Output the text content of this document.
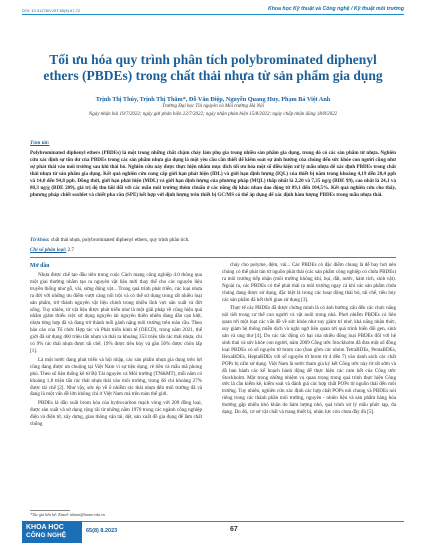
DOI: 10.31276/VJST.65(8).67-72	Khoa học Kỹ thuật và Công nghệ / Kỹ thuật môi trường
Tối ưu hóa quy trình phân tích polybrominated diphenyl ethers (PBDEs) trong chất thải nhựa từ sản phẩm gia dụng
Trịnh Thị Thúy, Trịnh Thị Thắm*, Đỗ Văn Điệp, Nguyễn Quang Huy, Phạm Bá Việt Anh
Trường Đại học Tài nguyên và Môi trường Hà Nội
Ngày nhận bài 19/7/2022; ngày gửi phản biện 22/7/2022; ngày nhận phản biện 15/8/2022; ngày chấp nhận đăng 18/8/2022
Tóm tắt:
Polybrominated diphenyl ethers (PBDEs) là một trong những chất chậm cháy làm phụ gia trong nhiều sản phẩm gia dụng, trong đó có các sản phẩm từ nhựa. Nghiên cứu xác định sự tồn dư của PBDEs trong các sản phẩm nhựa gia dụng là một yêu cầu cần thiết để kiểm soát sự ảnh hưởng của chúng đến sức khỏe con người cũng như sự phát thải vào môi trường sau khi thải bỏ. Nghiên cứu này được thực hiện nhằm mục đích tối ưu hóa một số điều kiện xử lý mẫu nhựa để xác định PBDEs trong chất thải nhựa từ sản phẩm gia dụng. Kết quả nghiên cứu cung cấp giới hạn phát hiện (IDL) và giới hạn định lượng (IQL) của thiết bị nằm trong khoảng 4,19 đến 28,4 ppb và 14,0 đến 94,8 ppb. Đồng thời, giới hạn phát hiện (MDL) và giới hạn định lượng của phương pháp (MQL) thấp nhất là 2,20 và 7,35 ng/g (BDE 99), cao nhất là 24,1 và 80,3 ng/g (BDE 209), giá trị độ thu hồi đối với các mẫu môi trường thêm chuẩn ở các nồng độ khác nhau dao động từ 89,1 đến 104,5%. Kết quả nghiên cứu cho thấy, phương pháp chiết soxhlet và chiết pha rắn (SPE) kết hợp với định lượng trên thiết bị GC/MS có thể áp dụng để xác định hàm lượng PBDEs trong mẫu nhựa thải.
Từ khóa: chất thải nhựa, polybrominated diphenyl ethers, quy trình phân tích.
Chỉ số phân loại: 2.7
Mở đầu

Nhựa được chế tạo đầu tiên trong cuộc Cách mạng công nghiệp 4.0 thông qua một giai thường nhằm tạo ra nguyên vật liệu mới thay thế cho các nguyên liệu truyền thống như gỗ, vải, sừng động vật... Trong quá trình phát triển, các loại nhựa ra đời với những ưu điểm vượt càng nổi trội và có thể sử dụng trong rất nhiều loại sản phẩm, trở thành nguyên vật liệu chính trong nhiều lĩnh vực sản xuất và đời sống. Tuy nhiên, từ vật liệu được phát triển như là một giải pháp về cũng hiệu quả nhằm giảm thiểu việc sử dụng nguyên tài nguyên thiên nhiên đang dần cạn kiệt, nhựa từng hợp đã và đang trở thành mối gánh nặng môi trường trên toàn cầu. Theo báo cáo của Tổ chức Hợp tác và Phát triển kinh tế (OECD), trong năm 2021, thế giới đã sử dụng 460 triệu tấn nhựa và thải ra khoảng 353 triệu tấn rác thải nhựa, chỉ có 9% rác thải nhựa được tái chế, 19% được tiêu hủy và gần 50% được chôn lấp [1].

Là một nước đang phát triển và hội nhập, các sản phẩm nhựa gia dụng trên lợi cũng đang được ưa chuộng tại Việt Nam vì sự tiện dụng, rẻ tiền và mẫu mã phong phú. Theo số liệu thống kê từ Bộ Tài nguyên và Môi trường (TN&MT), mỗi năm có khoảng 1,8 triệu tấn rác thải nhựa thải vào môi trường, trong đó chỉ khoảng 27% được tái chế [2]. Như vậy, sức ép về ô nhiễm rác thải nhựa đến môi trường đã và đang là một vấn đề lớn không chỉ ở Việt Nam mà trên toàn thế giới.

PBDEs là dẫn xuất brom hóa của hydrocarbon mạch vòng với 209 đồng loại, được sản xuất và sử dụng rộng rãi từ những năm 1970 trong các ngành công nghiệp điện và điện tử, xây dựng, giao thông vận tải, dệt, sản xuất đồ gia dụng để làm chất chống

cháy cho polyme, đệm, vải... Các PBDEs có đặc điểm chung là dễ bay hơi nên chúng có thể phát tán từ nguồn phát thải (các sản phẩm công nghiệp có chứa PBDEs) ra môi trường tiếp nhận (môi trường không khí, bụi, đất, nước, hàm tích, sinh vật). Ngoài ra, các PBDEs có thể phát thải ra môi trường ngay cả khi các sản phẩm chứa chúng đang được sử dụng, đặc biệt là trong các hoạt động thải bỏ, tái chế, tiêu hủy các sản phẩm đã hết thời gian sử dụng [3].

Thực tế các PBDEs đã được chứng minh là có ảnh hưởng xấu đến các chức năng nội tiết trong cơ thể con người và vật nuôi trong nhà. Phơi nhiễm PBDEs có liên quan tới một loạt các vấn đề về sức khỏe như suy giảm trí nhớ, khả năng nhận thức, suy giảm hệ thống miễn dịch và nghi ngờ liên quan tới quá trình biến đổi gen, sinh sản và ung thư [4]. Do các tác động có hại của nhiều đồng loại PBDEs đối với hệ sinh thái và sức khỏe con người, năm 2009 Công ước Stockholm đã đưa một số đồng loại PBDEs có số nguyên tử brom cao (bao gồm các nhóm TetraBDEs, PentaBDEs, HexaBDEs, HeptaBDEs với số nguyên tử brom từ 4 đến 7) vào danh sách các chất POPs bị cấm sử dụng. Việt Nam là nước tham gia ký kết Công ước này từ rất sớm và đã ban hành các kế hoạch hành động để thực hiện các cam kết của Công ước Stockholm. Một trong những nhiệm vụ quan trọng trong quá trình thực hiện Công ước là cần kiểm kê, kiểm soát và đánh giá các hợp chất POPs từ nguồn thải đến môi trường. Tuy nhiên, nghiên cứu xác định các hợp chất POPs nói chung và PBDEs nói riêng trong các thành phần môi trường, nguyên - nhiên liệu và sản phẩm hàng hóa thường gặp nhiều khó khăn do hàm lượng nhỏ, quá trình xử lý mẫu phức tạp, đa dạng. Do đó, cơ sở vật chất và trang thiết bị, nhân lực còn chưa đầy đủ [5].

*Tác giả liên hệ: Email: tthamt@hunre.edu.vn
KHOA HỌC
CÔNG NGHỆ
65(8) 8.2023	67
